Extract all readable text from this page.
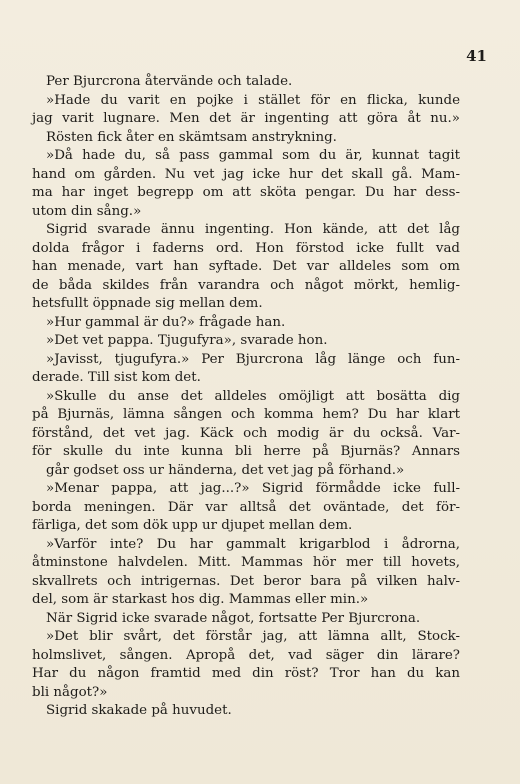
41
Per Bjurcrona återvände och talade.
»Hade du varit en pojke i stället för en flicka, kunde
jag varit lugnare. Men det är ingenting att göra åt nu.»
Rösten fick åter en skämtsam anstrykning.
»Då hade du, så pass gammal som du är, kunnat tagit
hand om gården. Nu vet jag icke hur det skall gå. Mam-
ma har inget begrepp om att sköta pengar. Du har dess-
utom din sång.»
Sigrid svarade ännu ingenting. Hon kände, att det låg
dolda frågor i faderns ord. Hon förstod icke fullt vad
han menade, vart han syftade. Det var alldeles som om
de båda skildes från varandra och något mörkt, hemlig-
hetsfullt öppnade sig mellan dem.
»Hur gammal är du?» frågade han.
»Det vet pappa. Tjugufyra», svarade hon.
»Javisst, tjugufyra.» Per Bjurcrona låg länge och fun-
derade. Till sist kom det.
»Skulle du anse det alldeles omöjligt att bosätta dig
på Bjurnäs, lämna sången och komma hem? Du har klart
förstånd, det vet jag. Käck och modig är du också. Var-
för skulle du inte kunna bli herre på Bjurnäs? Annars
går godset oss ur händerna, det vet jag på förhand.»
»Menar pappa, att jag...?» Sigrid förmådde icke full-
borda meningen. Där var alltså det oväntade, det för-
färliga, det som dök upp ur djupet mellan dem.
»Varför inte? Du har gammalt krigarblod i ådrorna,
åtminstone halvdelen. Mitt. Mammas hör mer till hovets,
skvallrets och intrigernas. Det beror bara på vilken halv-
del, som är starkast hos dig. Mammas eller min.»
När Sigrid icke svarade något, fortsatte Per Bjurcrona.
»Det blir svårt, det förstår jag, att lämna allt, Stock-
holmslivet, sången. Apropå det, vad säger din lärare?
Har du någon framtid med din röst? Tror han du kan
bli något?»
Sigrid skakade på huvudet.
